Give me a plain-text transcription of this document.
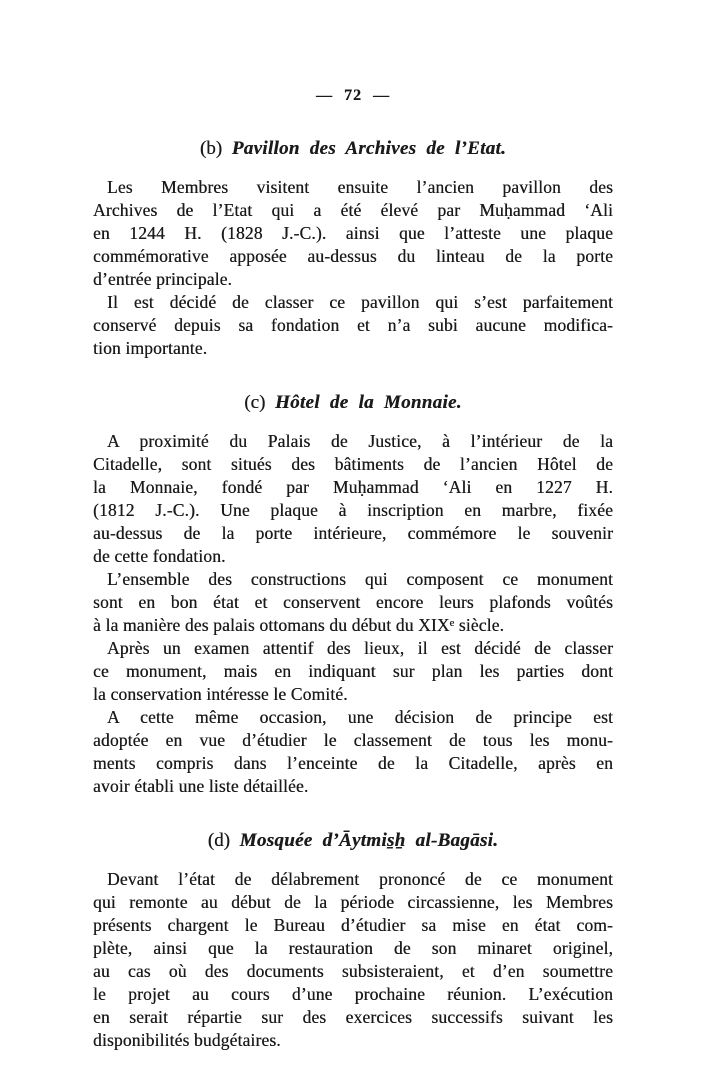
— 72 —
(b) Pavillon des Archives de l’Etat.
Les Membres visitent ensuite l’ancien pavillon des
Archives de l’Etat qui a été élevé par Muḥammad ‘Ali
en 1244 H. (1828 J.-C.). ainsi que l’atteste une plaque
commémorative apposée au-dessus du linteau de la porte
d’entrée principale.
Il est décidé de classer ce pavillon qui s’est parfaitement
conservé depuis sa fondation et n’a subi aucune modifica-
tion importante.
(c) Hôtel de la Monnaie.
A proximité du Palais de Justice, à l’intérieur de la
Citadelle, sont situés des bâtiments de l’ancien Hôtel de
la Monnaie, fondé par Muḥammad ‘Ali en 1227 H.
(1812 J.-C.). Une plaque à inscription en marbre, fixée
au-dessus de la porte intérieure, commémore le souvenir
de cette fondation.
L’ensemble des constructions qui composent ce monument
sont en bon état et conservent encore leurs plafonds voûtés
à la manière des palais ottomans du début du XIXᵉ siècle.
Après un examen attentif des lieux, il est décidé de classer
ce monument, mais en indiquant sur plan les parties dont
la conservation intéresse le Comité.
A cette même occasion, une décision de principe est
adoptée en vue d’étudier le classement de tous les monu-
ments compris dans l’enceinte de la Citadelle, après en
avoir établi une liste détaillée.
(d) Mosquée d’Āytmis̱ẖ al-Bagāsi.
Devant l’état de délabrement prononcé de ce monument
qui remonte au début de la période circassienne, les Membres
présents chargent le Bureau d’étudier sa mise en état com-
plète, ainsi que la restauration de son minaret originel,
au cas où des documents subsisteraient, et d’en soumettre
le projet au cours d’une prochaine réunion. L’exécution
en serait répartie sur des exercices successifs suivant les
disponibilités budgétaires.
